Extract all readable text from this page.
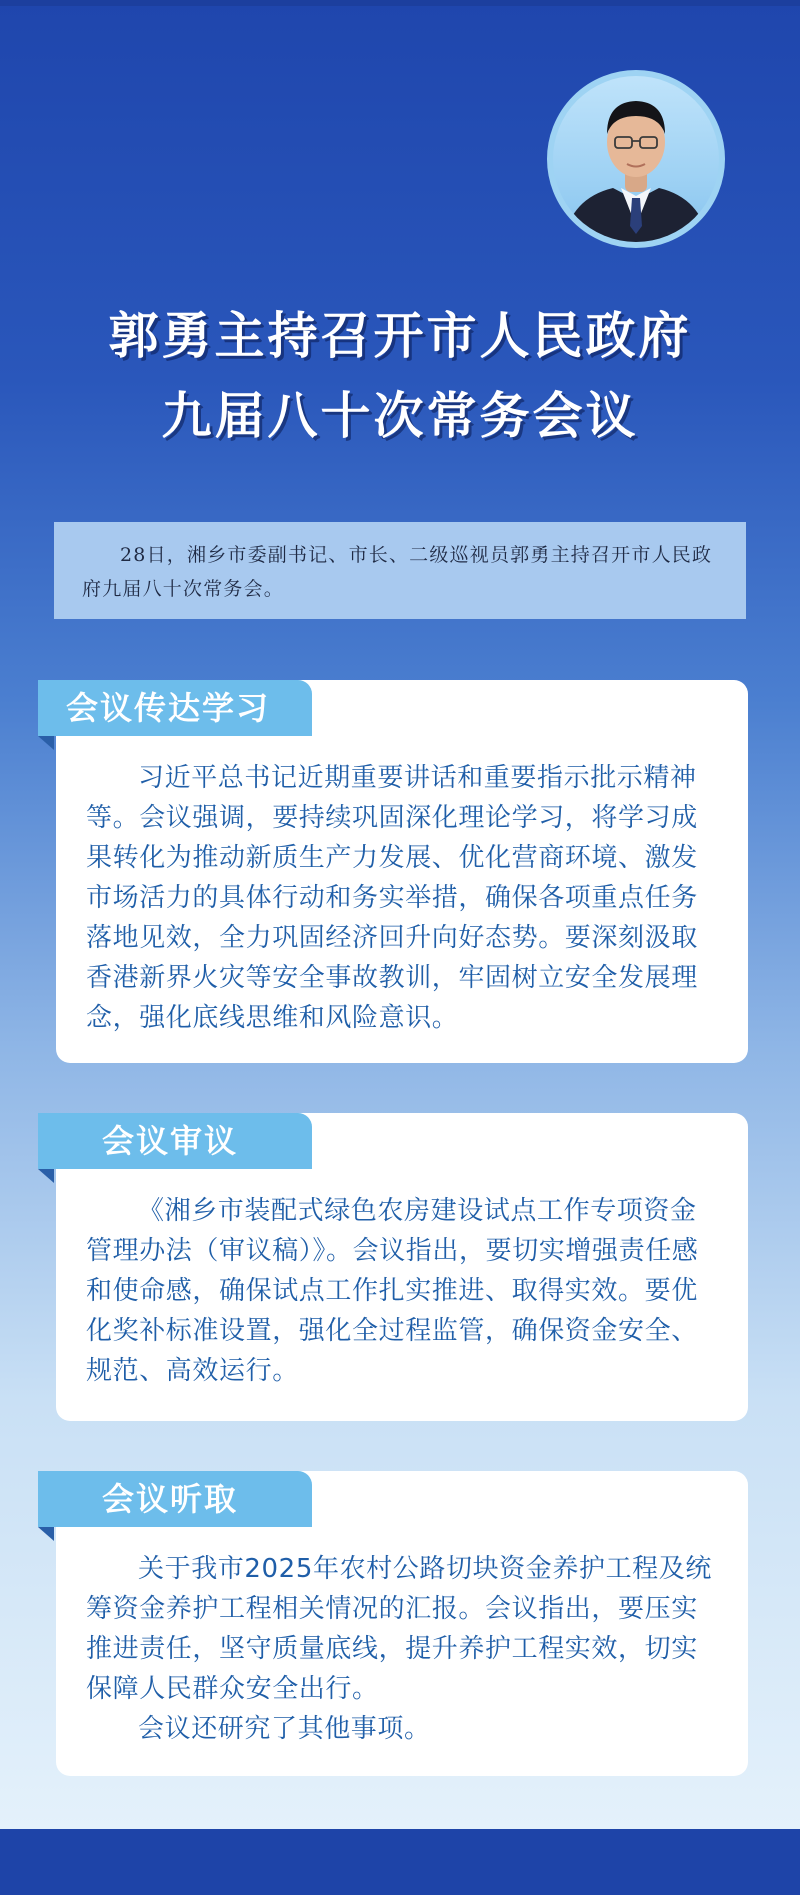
郭勇主持召开市人民政府
九届八十次常务会议
28日，湘乡市委副书记、市长、二级巡视员郭勇主持召开市人民政府九届八十次常务会。

习近平总书记近期重要讲话和重要指示批示精神等。会议强调，要持续巩固深化理论学习，将学习成果转化为推动新质生产力发展、优化营商环境、激发市场活力的具体行动和务实举措，确保各项重点任务落地见效，全力巩固经济回升向好态势。要深刻汲取香港新界火灾等安全事故教训，牢固树立安全发展理念，强化底线思维和风险意识。

会议传达学习

《湘乡市装配式绿色农房建设试点工作专项资金管理办法（审议稿）》。会议指出，要切实增强责任感和使命感，确保试点工作扎实推进、取得实效。要优化奖补标准设置，强化全过程监管，确保资金安全、规范、高效运行。

会议审议

关于我市2025年农村公路切块资金养护工程及统筹资金养护工程相关情况的汇报。会议指出，要压实推进责任，坚守质量底线，提升养护工程实效，切实保障人民群众安全出行。

会议还研究了其他事项。

会议听取
